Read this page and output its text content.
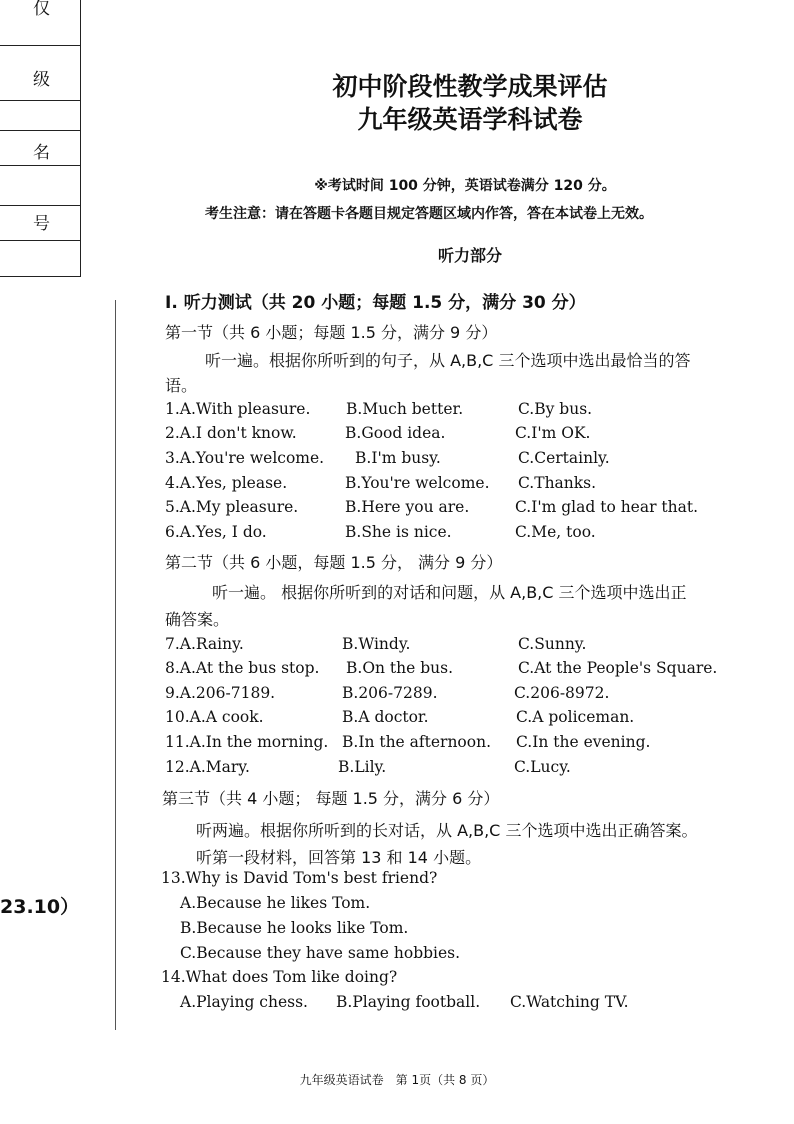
仅
级
名
号
23.10）
初中阶段性教学成果评估
九年级英语学科试卷
※考试时间 100 分钟，英语试卷满分 120 分。
考生注意：请在答题卡各题目规定答题区域内作答，答在本试卷上无效。
听力部分
I. 听力测试（共 20 小题；每题 1.5 分，满分 30 分）
第一节（共 6 小题；每题 1.5 分，满分 9 分）
听一遍。根据你所听到的句子，从 A,B,C 三个选项中选出最恰当的答
语。
1.A.With pleasure. B.Much better.	C.By bus.
2.A.I don't know.	B.Good idea.	C.I'm OK.
3.A.You're welcome. B.I'm busy.	C.Certainly.
4.A.Yes, please.	B.You're welcome. C.Thanks.
5.A.My pleasure.	B.Here you are.	C.I'm glad to hear that.
6.A.Yes, I do.	B.She is nice.	C.Me, too.
第二节（共 6 小题，每题 1.5 分， 满分 9 分）
听一遍。 根据你所听到的对话和问题，从 A,B,C 三个选项中选出正
确答案。
7.A.Rainy.	B.Windy.	C.Sunny.
8.A.At the bus stop. B.On the bus.	C.At the People's Square.
9.A.206-7189.	B.206-7289.	C.206-8972.
10.A.A cook.	B.A doctor.	C.A policeman.
11.A.In the morning. B.In the afternoon. C.In the evening.
12.A.Mary.	B.Lily.	C.Lucy.
第三节（共 4 小题； 每题 1.5 分，满分 6 分）
听两遍。根据你所听到的长对话，从 A,B,C 三个选项中选出正确答案。
听第一段材料，回答第 13 和 14 小题。
13.Why is David Tom's best friend?
A.Because he likes Tom.
B.Because he looks like Tom.
C.Because they have same hobbies.
14.What does Tom like doing?
A.Playing chess. B.Playing football. C.Watching TV.
九年级英语试卷　第 1页（共 8 页）
